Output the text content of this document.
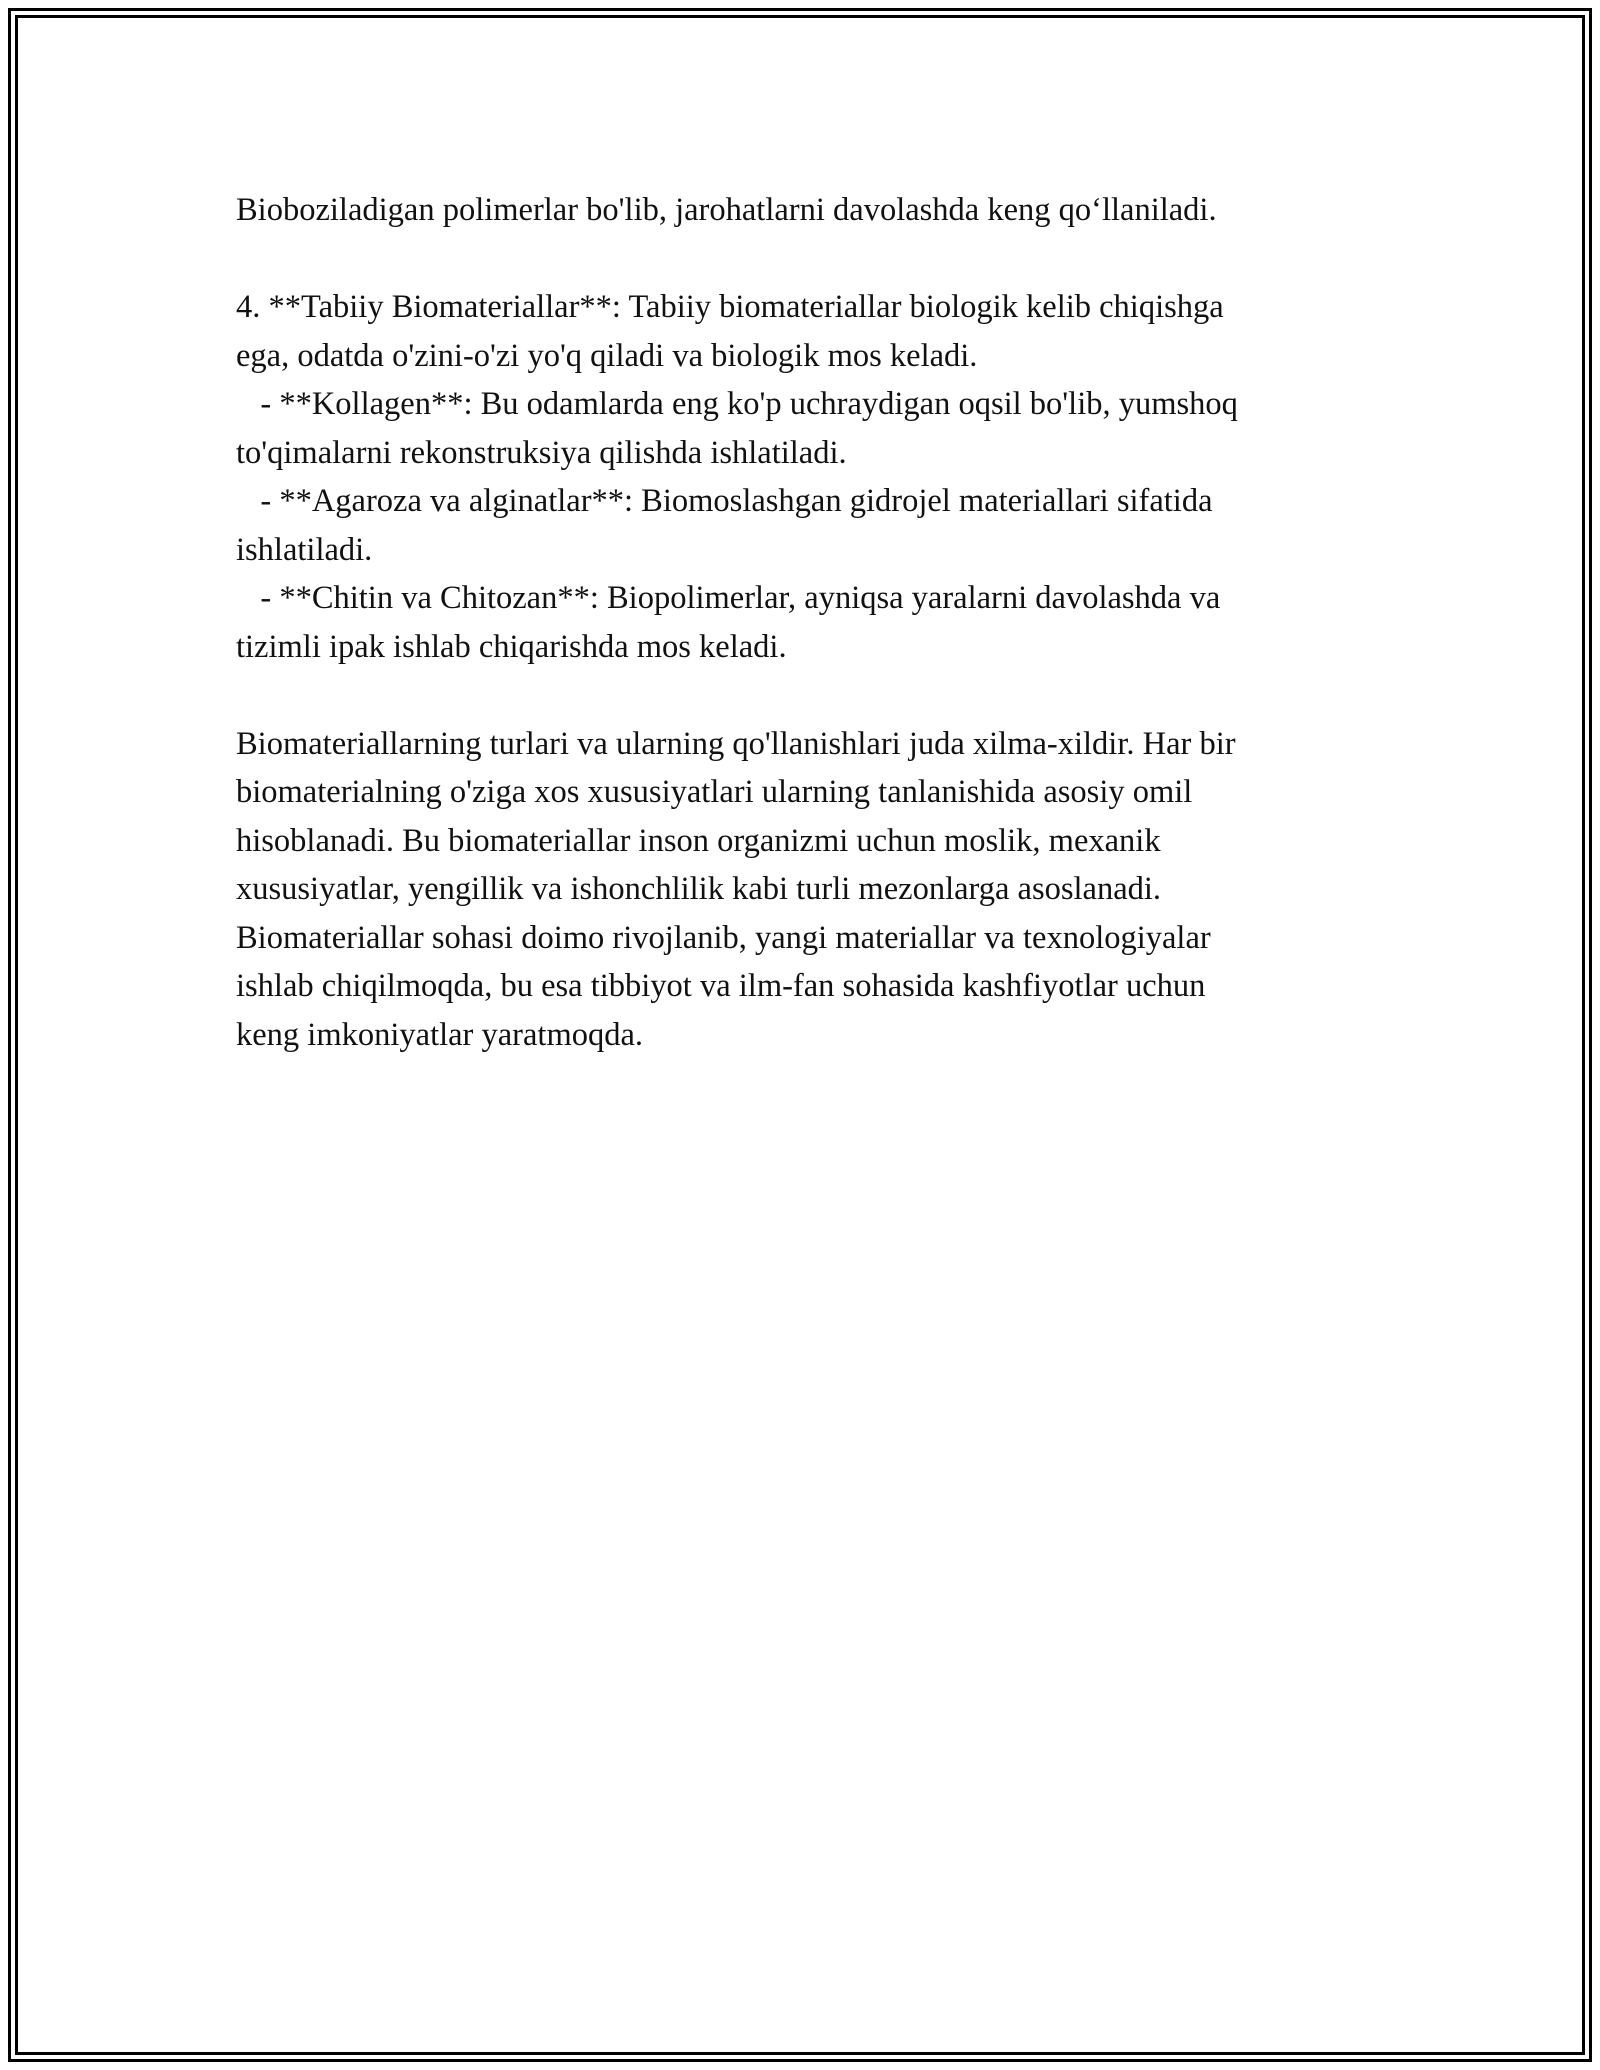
Bioboziladigan polimerlar bo'lib, jarohatlarni davolashda keng qo‘llaniladi.
4. **Tabiiy Biomateriallar**: Tabiiy biomateriallar biologik kelib chiqishga
ega, odatda o'zini-o'zi yo'q qiladi va biologik mos keladi.
- **Kollagen**: Bu odamlarda eng ko'p uchraydigan oqsil bo'lib, yumshoq
to'qimalarni rekonstruksiya qilishda ishlatiladi.
- **Agaroza va alginatlar**: Biomoslashgan gidrojel materiallari sifatida
ishlatiladi.
- **Chitin va Chitozan**: Biopolimerlar, ayniqsa yaralarni davolashda va
tizimli ipak ishlab chiqarishda mos keladi.
Biomateriallarning turlari va ularning qo'llanishlari juda xilma-xildir. Har bir
biomaterialning o'ziga xos xususiyatlari ularning tanlanishida asosiy omil
hisoblanadi. Bu biomateriallar inson organizmi uchun moslik, mexanik
xususiyatlar, yengillik va ishonchlilik kabi turli mezonlarga asoslanadi.
Biomateriallar sohasi doimo rivojlanib, yangi materiallar va texnologiyalar
ishlab chiqilmoqda, bu esa tibbiyot va ilm-fan sohasida kashfiyotlar uchun
keng imkoniyatlar yaratmoqda.
